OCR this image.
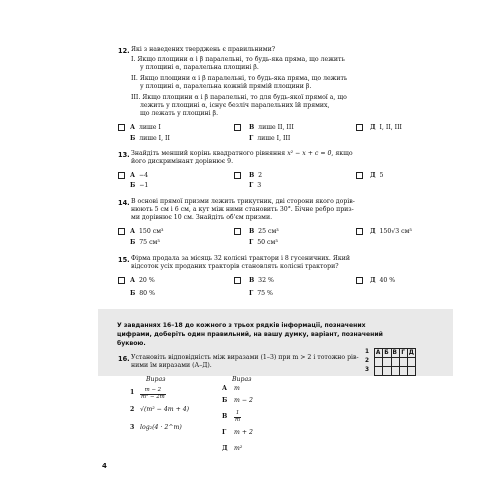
12. Які з наведених тверджень є правильними?
I. Якщо площини α і β паралельні, то будь-яка пряма, що лежить
у площині α, паралельна площині β.
II. Якщо площини α і β паралельні, то будь-яка пряма, що лежить
у площині α, паралельна кожній прямій площини β.
III. Якщо площини α і β паралельні, то для будь-якої прямої a, що
лежить у площині α, існує безліч паралельних їй прямих,
що лежать у площині β.
А лише I
Б лише I, II
В лише II, III
Г лише I, III
Д I, II, III
13. Знайдіть менший корінь квадратного рівняння x² − x + c = 0, якщо
його дискримінант дорівнює 9.
А −4
Б −1
В 2
Г 3
Д 5
14. В основі прямої призми лежить трикутник, дві сторони якого дорів-
нюють 5 см і 6 см, а кут між ними становить 30°. Бічне ребро приз-
ми дорівнює 10 см. Знайдіть об'єм призми.
А 150 см³
Б 75 см³
В 25 см³
Г 50 см³
Д 150√3 см³
15. Фірма продала за місяць 32 колісні трактори і 8 гусеничних. Який
відсоток усіх проданих тракторів становлять колісні трактори?
А 20 %
Б 80 %
В 32 %
Г 75 %
Д 40 %
У завданнях 16–18 до кожного з трьох рядків інформації, позначених
цифрами, доберіть один правильний, на вашу думку, варіант, позначений
буквою.
16. Установіть відповідність між виразами (1–3) при m > 2 і тотожно рів-
ними їм виразами (А–Д).
Вираз	Вираз
$1 \frac{m - 2}{\text{m² − 2m}}$
2 √(m² − 4m + 4)
3 log₂(4 · 2^m)
А m
Б m − 2
В $\frac{1}{m}$
Г m + 2
Д m²
А Б В Г Д
1
2
3

4
